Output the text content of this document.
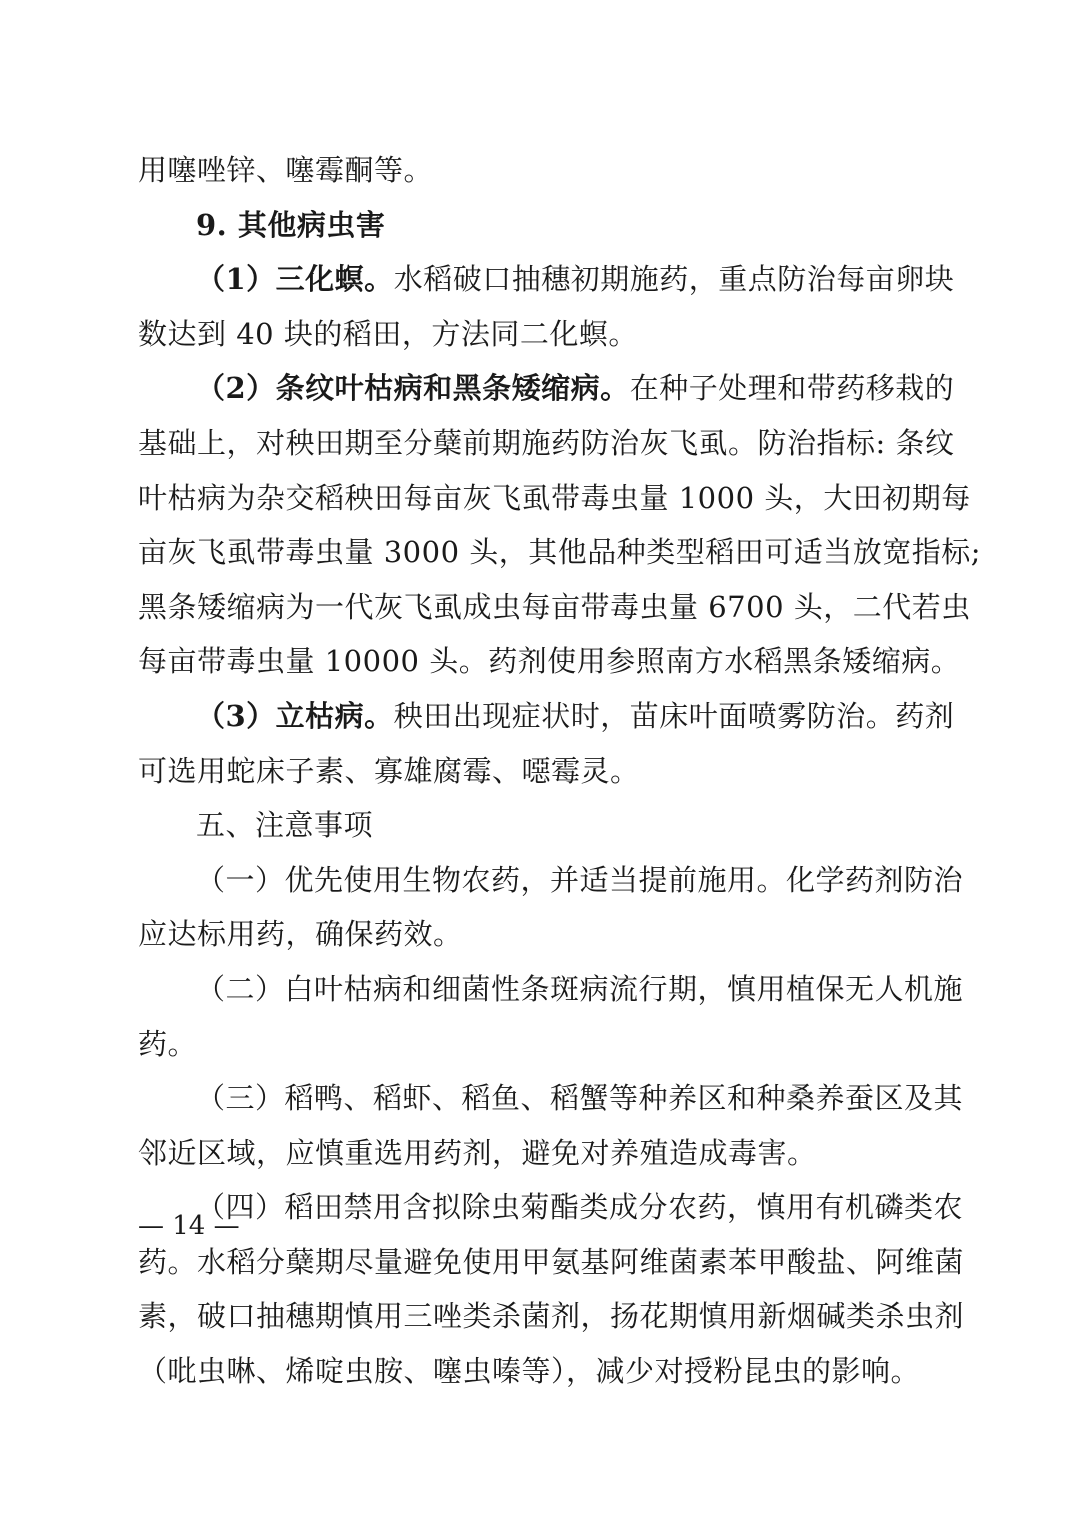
用噻唑锌、噻霉酮等。
9. 其他病虫害
（1）三化螟。水稻破口抽穗初期施药，重点防治每亩卵块
数达到 40 块的稻田，方法同二化螟。
（2）条纹叶枯病和黑条矮缩病。在种子处理和带药移栽的
基础上，对秧田期至分蘖前期施药防治灰飞虱。防治指标: 条纹
叶枯病为杂交稻秧田每亩灰飞虱带毒虫量 1000 头，大田初期每
亩灰飞虱带毒虫量 3000 头，其他品种类型稻田可适当放宽指标;
黑条矮缩病为一代灰飞虱成虫每亩带毒虫量 6700 头，二代若虫
每亩带毒虫量 10000 头。药剂使用参照南方水稻黑条矮缩病。
（3）立枯病。秧田出现症状时，苗床叶面喷雾防治。药剂
可选用蛇床子素、寡雄腐霉、噁霉灵。
五、注意事项
（一）优先使用生物农药，并适当提前施用。化学药剂防治
应达标用药，确保药效。
（二）白叶枯病和细菌性条斑病流行期，慎用植保无人机施
药。
（三）稻鸭、稻虾、稻鱼、稻蟹等种养区和种桑养蚕区及其
邻近区域，应慎重选用药剂，避免对养殖造成毒害。
（四）稻田禁用含拟除虫菊酯类成分农药，慎用有机磷类农
药。水稻分蘖期尽量避免使用甲氨基阿维菌素苯甲酸盐、阿维菌
素，破口抽穗期慎用三唑类杀菌剂，扬花期慎用新烟碱类杀虫剂
（吡虫啉、烯啶虫胺、噻虫嗪等），减少对授粉昆虫的影响。
— 14 —
